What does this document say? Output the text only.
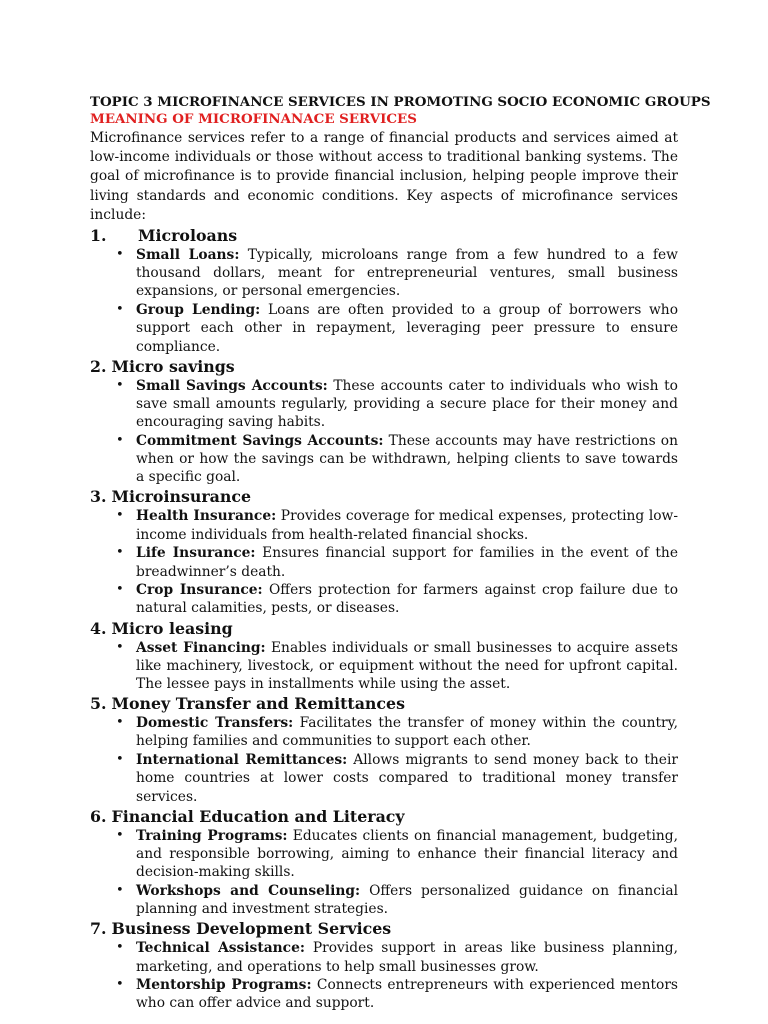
TOPIC 3 MICROFINANCE SERVICES IN PROMOTING SOCIO ECONOMIC GROUPS
MEANING OF MICROFINANACE SERVICES

Microfinance services refer to a range of financial products and services aimed at low-income individuals or those without access to traditional banking systems. The goal of microfinance is to provide financial inclusion, helping people improve their living standards and economic conditions. Key aspects of microfinance services include:

1. Microloans
• Small Loans: Typically, microloans range from a few hundred to a few thousand dollars, meant for entrepreneurial ventures, small business expansions, or personal emergencies.
• Group Lending: Loans are often provided to a group of borrowers who support each other in repayment, leveraging peer pressure to ensure compliance.
2. Micro savings
• Small Savings Accounts: These accounts cater to individuals who wish to save small amounts regularly, providing a secure place for their money and encouraging saving habits.
• Commitment Savings Accounts: These accounts may have restrictions on when or how the savings can be withdrawn, helping clients to save towards a specific goal.
3. Microinsurance
• Health Insurance: Provides coverage for medical expenses, protecting low-income individuals from health-related financial shocks.
• Life Insurance: Ensures financial support for families in the event of the breadwinner’s death.
• Crop Insurance: Offers protection for farmers against crop failure due to natural calamities, pests, or diseases.
4. Micro leasing
• Asset Financing: Enables individuals or small businesses to acquire assets like machinery, livestock, or equipment without the need for upfront capital. The lessee pays in installments while using the asset.
5. Money Transfer and Remittances
• Domestic Transfers: Facilitates the transfer of money within the country, helping families and communities to support each other.
• International Remittances: Allows migrants to send money back to their home countries at lower costs compared to traditional money transfer services.
6. Financial Education and Literacy
• Training Programs: Educates clients on financial management, budgeting, and responsible borrowing, aiming to enhance their financial literacy and decision-making skills.
• Workshops and Counseling: Offers personalized guidance on financial planning and investment strategies.
7. Business Development Services
• Technical Assistance: Provides support in areas like business planning, marketing, and operations to help small businesses grow.
• Mentorship Programs: Connects entrepreneurs with experienced mentors who can offer advice and support.
